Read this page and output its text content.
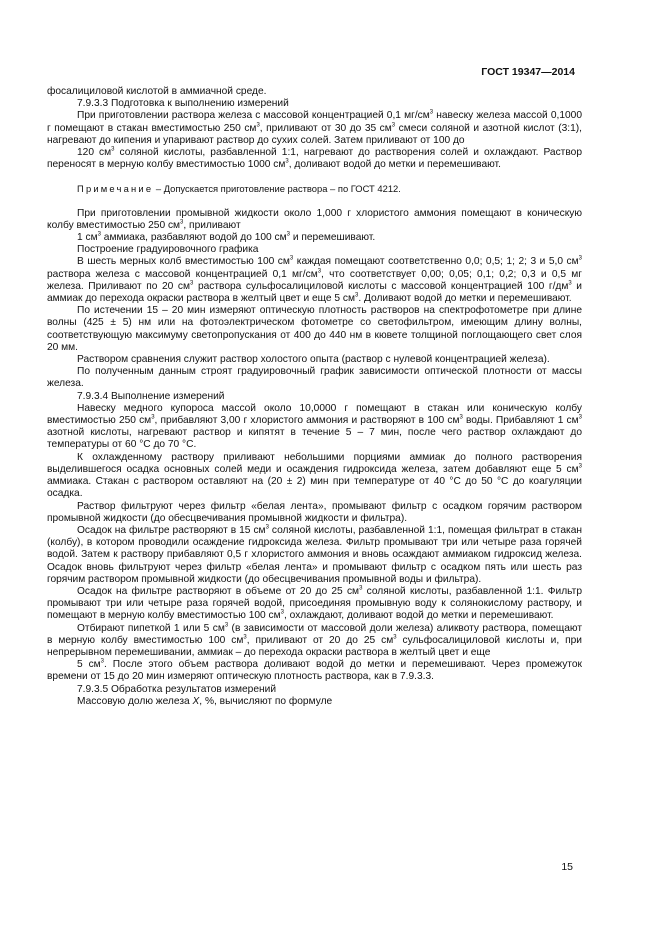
ГОСТ 19347—2014

фосалициловой кислотой в аммиачной среде.

7.9.3.3 Подготовка к выполнению измерений

При приготовлении раствора железа с массовой концентрацией 0,1 $мг/см^3$ навеску железа массой 0,1000 г помещают в стакан вместимостью 250 $см^3$, приливают от 30 до 35 $см^3$ смеси соляной и азотной кислот (3:1), нагревают до кипения и упаривают раствор до сухих солей. Затем приливают от 100 до

120 $см^3$ соляной кислоты, разбавленной 1:1, нагревают до растворения солей и охлаждают. Раствор переносят в мерную колбу вместимостью 1000 $см^3$, доливают водой до метки и перемешивают.

Примечание – Допускается приготовление раствора – по ГОСТ 4212.

При приготовлении промывной жидкости около 1,000 г хлористого аммония помещают в коническую колбу вместимостью 250 $см^3$, приливают

1 $см^3$ аммиака, разбавляют водой до 100 $см^3$ и перемешивают.

Построение градуировочного графика

В шесть мерных колб вместимостью 100 $см^3$ каждая помещают соответственно 0,0; 0,5; 1; 2; 3 и 5,0 $см^3$ раствора железа с массовой концентрацией 0,1 $мг/см^3$, что соответствует 0,00; 0,05; 0,1; 0,2; 0,3 и 0,5 мг железа. Приливают по 20 $см^3$ раствора сульфосалициловой кислоты с массовой концентрацией 100 $г/дм^3$ и аммиак до перехода окраски раствора в желтый цвет и еще 5 $см^3$. Доливают водой до метки и перемешивают.

По истечении 15 – 20 мин измеряют оптическую плотность растворов на спектрофотометре при длине волны (425 ± 5) нм или на фотоэлектрическом фотометре со светофильтром, имеющим длину волны, соответствующую максимуму светопропускания от 400 до 440 нм в кювете толщиной поглощающего свет слоя 20 мм.

Раствором сравнения служит раствор холостого опыта (раствор с нулевой концентрацией железа).

По полученным данным строят градуировочный график зависимости оптической плотности от массы железа.

7.9.3.4 Выполнение измерений

Навеску медного купороса массой около 10,0000 г помещают в стакан или коническую колбу вместимостью 250 $см^3$, прибавляют 3,00 г хлористого аммония и растворяют в 100 $см^3$ воды. Прибавляют 1 $см^3$ азотной кислоты, нагревают раствор и кипятят в течение 5 – 7 мин, после чего раствор охлаждают до температуры от 60 °С до 70 °С.

К охлажденному раствору приливают небольшими порциями аммиак до полного растворения выделившегося осадка основных солей меди и осаждения гидроксида железа, затем добавляют еще 5 $см^3$ аммиака. Стакан с раствором оставляют на (20 ± 2) мин при температуре от 40 °С до 50 °С до коагуляции осадка.

Раствор фильтруют через фильтр «белая лента», промывают фильтр с осадком горячим раствором промывной жидкости (до обесцвечивания промывной жидкости и фильтра).

Осадок на фильтре растворяют в 15 $см^3$ соляной кислоты, разбавленной 1:1, помещая фильтрат в стакан (колбу), в котором проводили осаждение гидроксида железа. Фильтр промывают три или четыре раза горячей водой. Затем к раствору прибавляют 0,5 г хлористого аммония и вновь осаждают аммиаком гидроксид железа. Осадок вновь фильтруют через фильтр «белая лента» и промывают фильтр с осадком пять или шесть раз горячим раствором промывной жидкости (до обесцвечивания промывной воды и фильтра).

Осадок на фильтре растворяют в объеме от 20 до 25 $см^3$ соляной кислоты, разбавленной 1:1. Фильтр промывают три или четыре раза горячей водой, присоединяя промывную воду к солянокислому раствору, и помещают в мерную колбу вместимостью 100 $см^3$, охлаждают, доливают водой до метки и перемешивают.

Отбирают пипеткой 1 или 5 $см^3$ (в зависимости от массовой доли железа) аликвоту раствора, помещают в мерную колбу вместимостью 100 $см^3$, приливают от 20 до 25 $см^3$ сульфосалициловой кислоты и, при непрерывном перемешивании, аммиак – до перехода окраски раствора в желтый цвет и еще

5 $см^3$. После этого объем раствора доливают водой до метки и перемешивают. Через промежуток времени от 15 до 20 мин измеряют оптическую плотность раствора, как в 7.9.3.3.

7.9.3.5 Обработка результатов измерений

Массовую долю железа X, %, вычисляют по формуле

15
